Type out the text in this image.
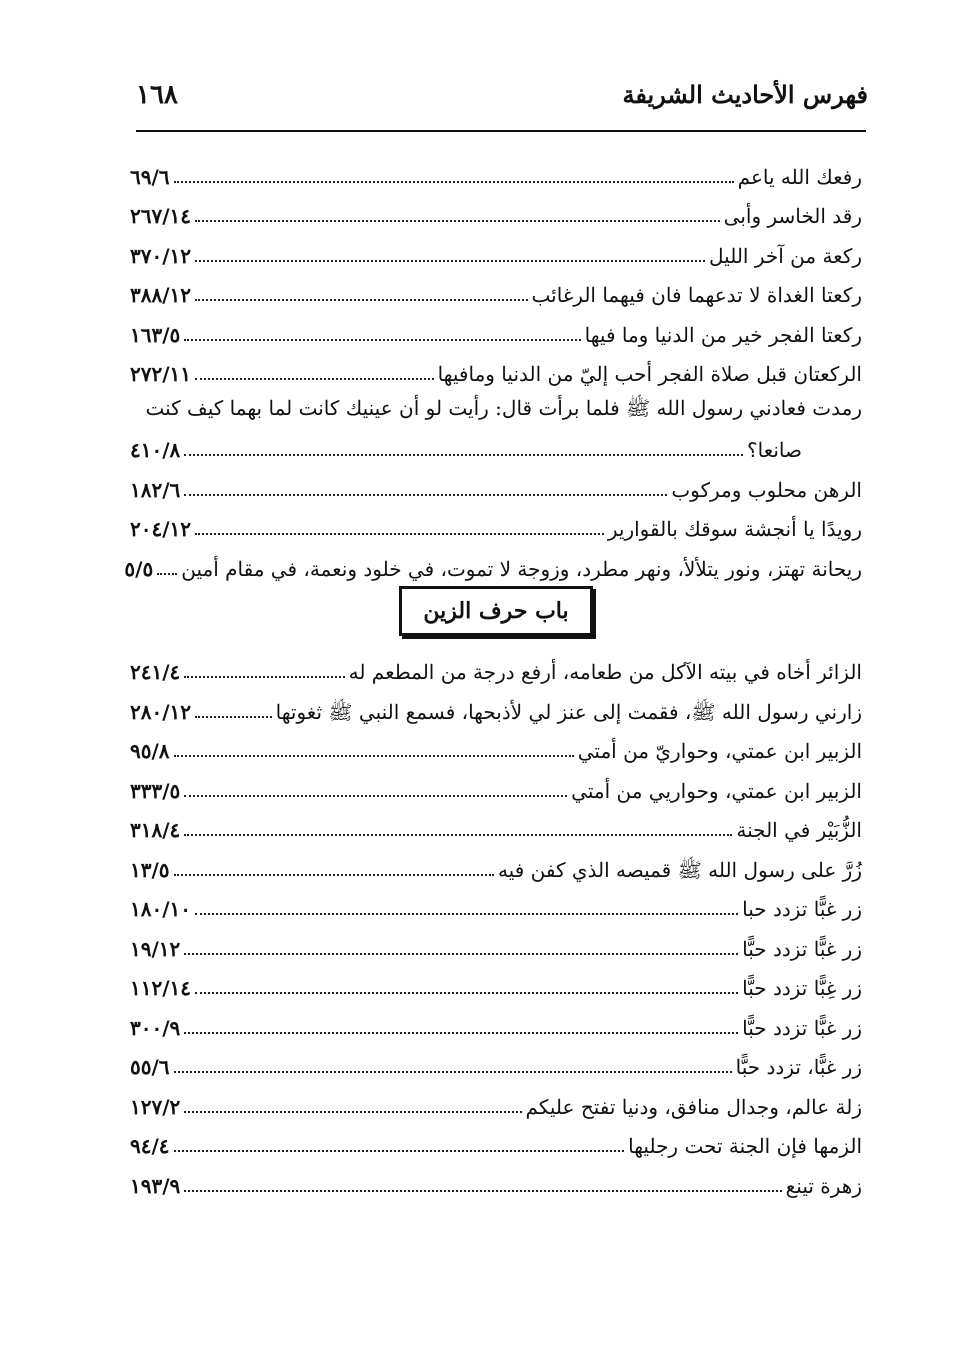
فهرس الأحاديث الشريفة
١٦٨
رفعك الله ياعم
٦٩/٦
رقد الخاسر وأبى
٢٦٧/١٤
ركعة من آخر الليل
٣٧٠/١٢
ركعتا الغداة لا تدعهما فان فيهما الرغائب
٣٨٨/١٢
ركعتا الفجر خير من الدنيا وما فيها
١٦٣/٥
الركعتان قبل صلاة الفجر أحب إليّ من الدنيا ومافيها
٢٧٢/١١
رمدت فعادني رسول الله ﷺ فلما برأت قال: رأيت لو أن عينيك كانت لما بهما كيف كنت
صانعا؟
٤١٠/٨
الرهن محلوب ومركوب
١٨٢/٦
رويدًا يا أنجشة سوقك بالقوارير
٢٠٤/١٢
ريحانة تهتز، ونور يتلألأ، ونهر مطرد، وزوجة لا تموت، في خلود ونعمة، في مقام أمين
٥/٥
باب حرف الزين
الزائر أخاه في بيته الآكل من طعامه، أرفع درجة من المطعم له
٢٤١/٤
زارني رسول الله ﷺ، فقمت إلى عنز لي لأذبحها، فسمع النبي ﷺ ثغوتها
٢٨٠/١٢
الزبير ابن عمتي، وحواريّ من أمتي
٩٥/٨
الزبير ابن عمتي، وحواريي من أمتي
٣٣٣/٥
الزُّبَيْر في الجنة
٣١٨/٤
زُرَّ على رسول الله ﷺ قميصه الذي كفن فيه
١٣/٥
زر غبًّا تزدد حبا
١٨٠/١٠
زر غبًّا تزدد حبًّا
١٩/١٢
زر غِبًّا تزدد حبًّا
١١٢/١٤
زر غبًّا تزدد حبًّا
٣٠٠/٩
زر غبًّا، تزدد حبًّا
٥٥/٦
زلة عالم، وجدال منافق، ودنيا تفتح عليكم
١٢٧/٢
الزمها فإن الجنة تحت رجليها
٩٤/٤
زهرة تينع
١٩٣/٩
